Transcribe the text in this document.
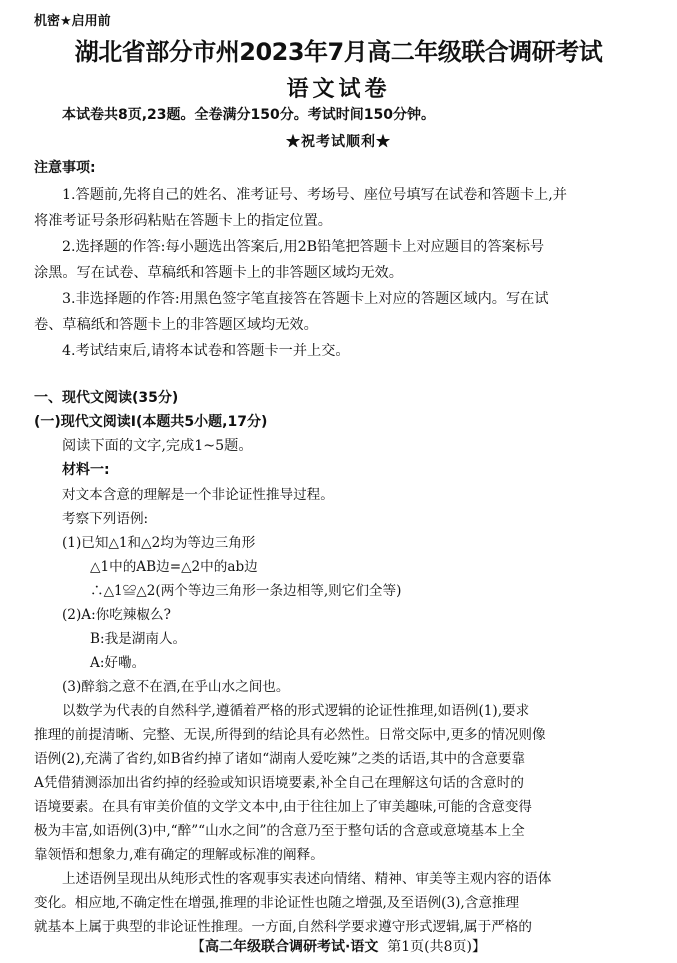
机密★启用前
湖北省部分市州2023年7月高二年级联合调研考试
语文试卷
本试卷共8页,23题。全卷满分150分。考试时间150分钟。
★祝考试顺利★
注意事项:
1.答题前,先将自己的姓名、准考证号、考场号、座位号填写在试卷和答题卡上,并
将准考证号条形码粘贴在答题卡上的指定位置。
2.选择题的作答:每小题选出答案后,用2B铅笔把答题卡上对应题目的答案标号
涂黑。写在试卷、草稿纸和答题卡上的非答题区域均无效。
3.非选择题的作答:用黑色签字笔直接答在答题卡上对应的答题区域内。写在试
卷、草稿纸和答题卡上的非答题区域均无效。
4.考试结束后,请将本试卷和答题卡一并上交。
一、现代文阅读(35分)
(一)现代文阅读Ⅰ(本题共5小题,17分)
阅读下面的文字,完成1~5题。
材料一:
对文本含意的理解是一个非论证性推导过程。
考察下列语例:
(1)已知△1和△2均为等边三角形
△1中的AB边=△2中的ab边
∴△1≌△2(两个等边三角形一条边相等,则它们全等)
(2)A:你吃辣椒么?
B:我是湖南人。
A:好嘞。
(3)醉翁之意不在酒,在乎山水之间也。
以数学为代表的自然科学,遵循着严格的形式逻辑的论证性推理,如语例(1),要求
推理的前提清晰、完整、无误,所得到的结论具有必然性。日常交际中,更多的情况则像
语例(2),充满了省约,如B省约掉了诸如“湖南人爱吃辣”之类的话语,其中的含意要靠
A凭借猜测添加出省约掉的经验或知识语境要素,补全自己在理解这句话的含意时的
语境要素。在具有审美价值的文学文本中,由于往往加上了审美趣味,可能的含意变得
极为丰富,如语例(3)中,“醉”“山水之间”的含意乃至于整句话的含意或意境基本上全
靠领悟和想象力,难有确定的理解或标准的阐释。
上述语例呈现出从纯形式性的客观事实表述向情绪、精神、审美等主观内容的语体
变化。相应地,不确定性在增强,推理的非论证性也随之增强,及至语例(3),含意推理
就基本上属于典型的非论证性推理。一方面,自然科学要求遵守形式逻辑,属于严格的
【高二年级联合调研考试·语文 第1页(共8页)】
